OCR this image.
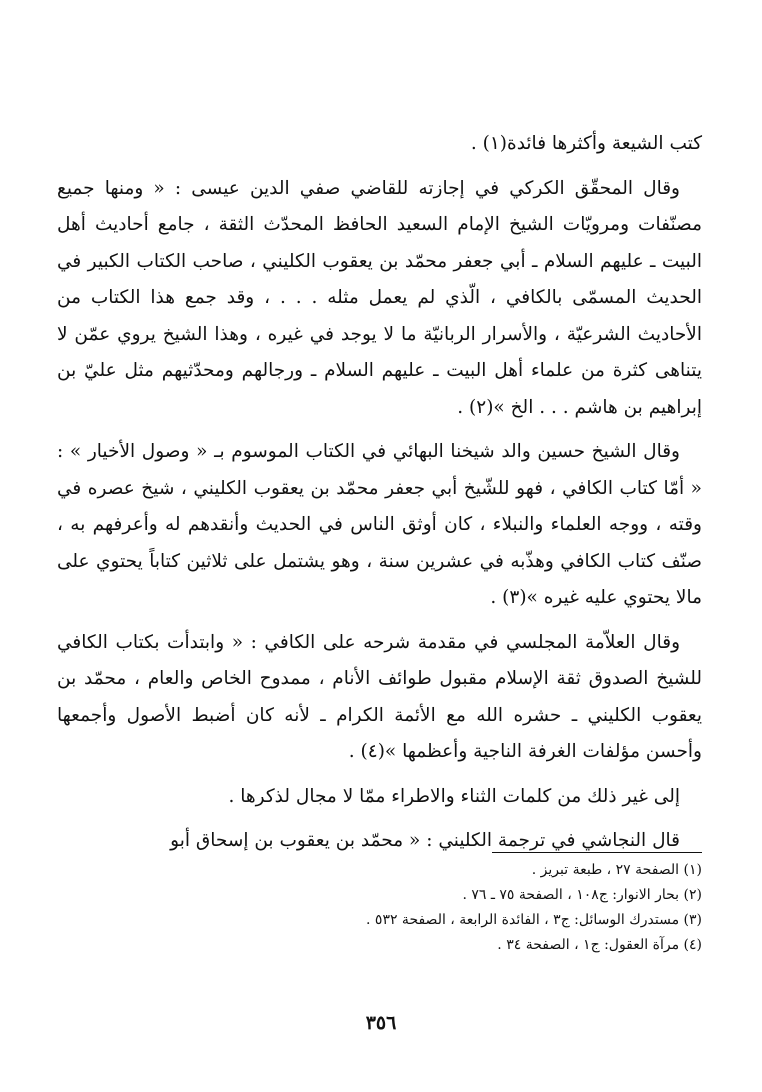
كتب الشيعة وأكثرها فائدة(١) .

وقال المحقّق الكركي في إجازته للقاضي صفي الدين عيسى : « ومنها جميع مصنّفات ومرويّات الشيخ الإمام السعيد الحافظ المحدّث الثقة ، جامع أحاديث أهل البيت ـ عليهم السلام ـ أبي جعفر محمّد بن يعقوب الكليني ، صاحب الكتاب الكبير في الحديث المسمّى بالكافي ، الّذي لم يعمل مثله . . . ، وقد جمع هذا الكتاب من الأحاديث الشرعيّة ، والأسرار الربانيّة ما لا يوجد في غيره ، وهذا الشيخ يروي عمّن لا يتناهى كثرة من علماء أهل البيت ـ عليهم السلام ـ ورجالهم ومحدّثيهم مثل عليّ بن إبراهيم بن هاشم . . . الخ »(٢) .

وقال الشيخ حسين والد شيخنا البهائي في الكتاب الموسوم بـ « وصول الأخيار » : « أمّا كتاب الكافي ، فهو للشّيخ أبي جعفر محمّد بن يعقوب الكليني ، شيخ عصره في وقته ، ووجه العلماء والنبلاء ، كان أوثق الناس في الحديث وأنقدهم له وأعرفهم به ، صنّف كتاب الكافي وهذّبه في عشرين سنة ، وهو يشتمل على ثلاثين كتاباً يحتوي على مالا يحتوي عليه غيره »(٣) .

وقال العلاّمة المجلسي في مقدمة شرحه على الكافي : « وابتدأت بكتاب الكافي للشيخ الصدوق ثقة الإسلام مقبول طوائف الأنام ، ممدوح الخاص والعام ، محمّد بن يعقوب الكليني ـ حشره الله مع الأئمة الكرام ـ لأنه كان أضبط الأصول وأجمعها وأحسن مؤلفات الغرفة الناجية وأعظمها »(٤) .

إلى غير ذلك من كلمات الثناء والاطراء ممّا لا مجال لذكرها .

قال النجاشي في ترجمة الكليني : « محمّد بن يعقوب بن إسحاق أبو

(١) الصفحة ٢٧ ، طبعة تبريز .
(٢) بحار الانوار: ج١٠٨ ، الصفحة ٧٥ ـ ٧٦ .
(٣) مستدرك الوسائل: ج٣ ، الفائدة الرابعة ، الصفحة ٥٣٢ .
(٤) مرآة العقول: ج١ ، الصفحة ٣٤ .
٣٥٦
